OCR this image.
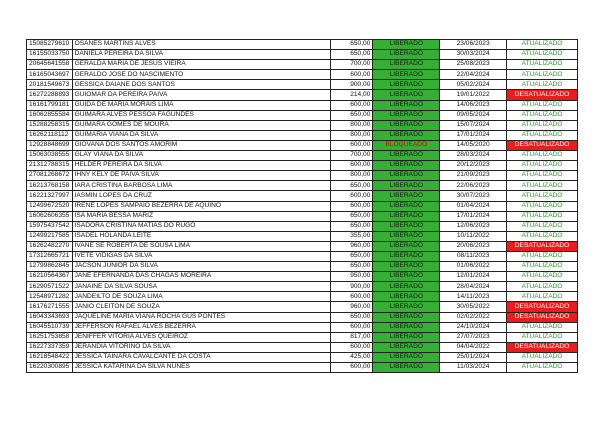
15085279610	OSANES MARTINS ALVES	650,00	LIBERADO	23/06/2023	ATUALIZADO
16155033750	DANIELA PEREIRA DA SILVA	650,00	LIBERADO	30/03/2024	ATUALIZADO
20645641558	GERALDA MARIA DE JESUS VIEIRA	700,00	LIBERADO	25/08/2023	ATUALIZADO
16165043697	GERALDO JOSE DO NASCIMENTO	600,00	LIBERADO	22/04/2024	ATUALIZADO
20181549673	GESSICA DAIANE DOS SANTOS	900,00	LIBERADO	05/02/2024	ATUALIZADO
16272288893	GUIOMAR DA PEREIRA PAIVA	214,00	LIBERADO	19/01/2022	DESATUALIZADO
16161799181	GUIDA DE MARIA MORAIS LIMA	600,00	LIBERADO	14/06/2023	ATUALIZADO
16062855584	GUIMARA ALVES PESSOA FAGUNDES	650,00	LIBERADO	09/05/2024	ATUALIZADO
15288258315	GUIMARA GOMES DE MOURA	800,00	LIBERADO	15/07/2024	ATUALIZADO
16262118112	GUIMARIA VIANA DA SILVA	800,00	LIBERADO	17/01/2024	ATUALIZADO
12928848699	GIOVANA DOS SANTOS AMORIM	600,00	BLOQUEADO	14/05/2020	DESATUALIZADO
15063038555	GLAY VIANA DA SILVA	700,00	LIBERADO	28/03/2024	ATUALIZADO
21312788315	HELDER PEREIRA DA SILVA	600,00	LIBERADO	20/12/2023	ATUALIZADO
27081268672	IHNY KELY DE PAIVA SILVA	800,00	LIBERADO	21/09/2023	ATUALIZADO
16213768158	IARA CRISTINA BARBOSA LIMA	650,00	LIBERADO	22/06/2023	ATUALIZADO
16221327997	IASMIN LOPES DA CRUZ	600,00	LIBERADO	30/07/2023	ATUALIZADO
12499672520	IRENE LOPES SAMPAIO BEZERRA DE AQUINO	600,00	LIBERADO	01/04/2024	ATUALIZADO
16062606355	ISA MARIA BESSA MARIZ	650,00	LIBERADO	17/01/2024	ATUALIZADO
15975437542	ISADORA CRISTINA MATIAS DO RUGO	650,00	LIBERADO	12/06/2023	ATUALIZADO
12499217585	ISADEL HOLANDA LEITE	355,00	LIBERADO	10/11/2022	ATUALIZADO
16262482270	IVANE SE ROBERTA DE SOUSA LIMA	960,00	LIBERADO	20/06/2023	DESATUALIZADO
17312665721	IVETE VIDIGAS DA SILVA	650,00	LIBERADO	08/11/2023	ATUALIZADO
12799862845	JACSON JUNIOR DA SILVA	650,00	LIBERADO	01/06/2022	ATUALIZADO
16210564367	JANE EFERNANDA DAS CHAGAS MOREIRA	950,00	LIBERADO	12/01/2024	ATUALIZADO
16290571522	JANAINE DA SILVA SOUSA	900,00	LIBERADO	28/04/2024	ATUALIZADO
12548971282	JANDEILTO DE SOUZA LIMA	600,00	LIBERADO	14/11/2023	ATUALIZADO
16176271555	JANIO CLEITON DE SOUZA	960,00	LIBERADO	30/05/2022	DESATUALIZADO
16043343693	JAQUELINE MARIA VIANA ROCHA GUS PONTES	650,00	LIBERADO	02/02/2022	DESATUALIZADO
16045510739	JEFFERSON RAFAEL ALVES BEZERRA	600,00	LIBERADO	24/10/2024	ATUALIZADO
16251753858	JENIFFER VITORIA ALVES QUEIROZ	817,00	LIBERADO	27/07/2023	ATUALIZADO
16227337359	JERANDIA VITORINO DA SILVA	600,00	LIBERADO	04/04/2022	DESATUALIZADO
16218548422	JESSICA TAINARA CAVALCANTE DA COSTA	425,00	LIBERADO	25/01/2024	ATUALIZADO
16220300895	JESSICA KATARINA DA SILVA NUNES	600,00	LIBERADO	11/03/2024	ATUALIZADO
